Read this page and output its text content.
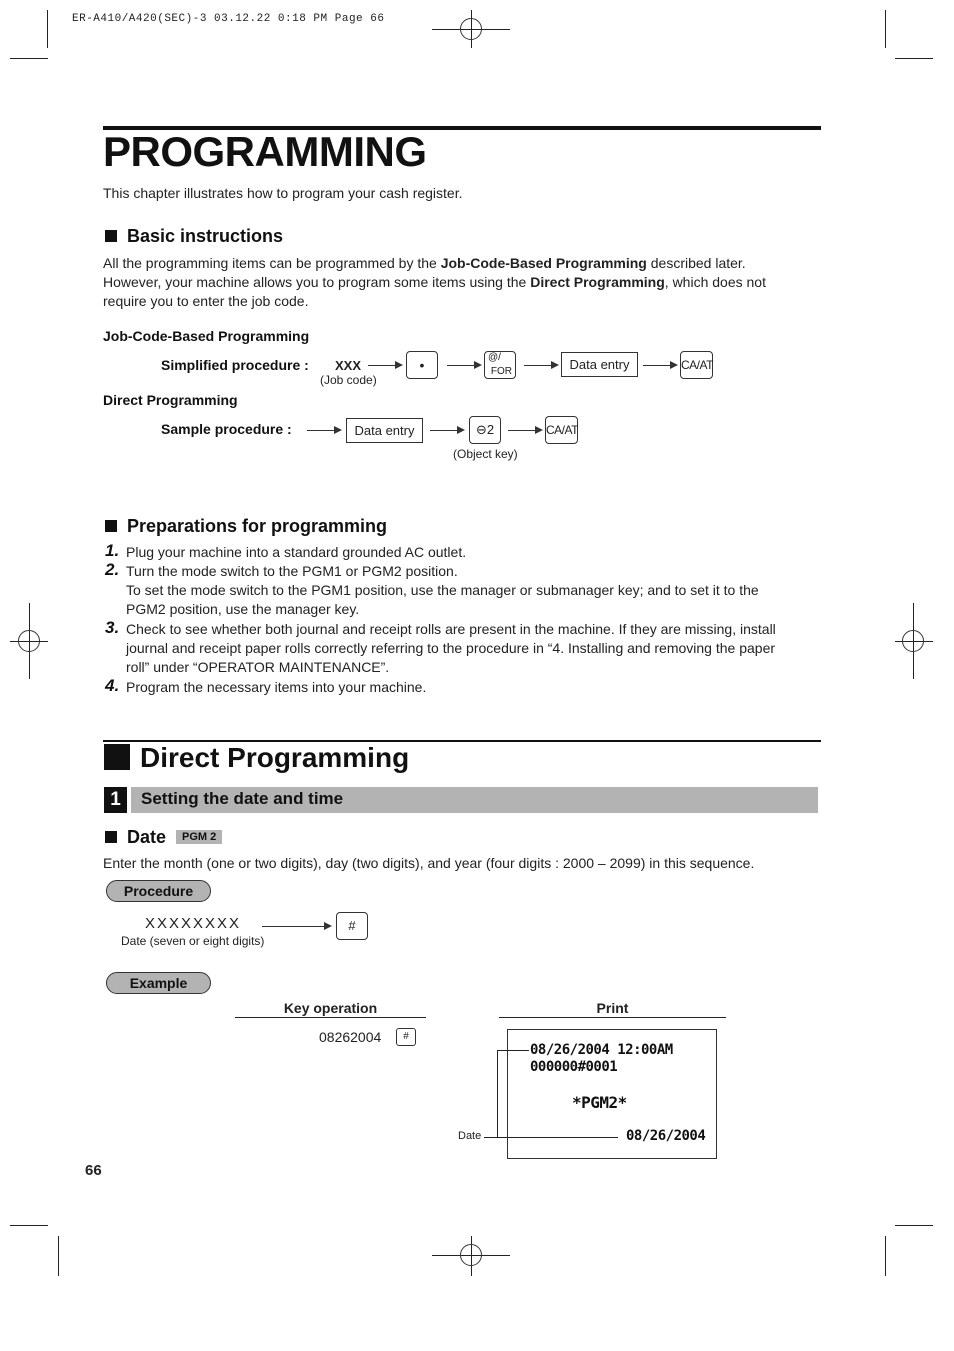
ER-A410/A420(SEC)-3 03.12.22 0:18 PM Page 66
PROGRAMMING
This chapter illustrates how to program your cash register.
Basic instructions
All the programming items can be programmed by the Job-Code-Based Programming described later.
However, your machine allows you to program some items using the Direct Programming, which does not
require you to enter the job code.
Job-Code-Based Programming
Simplified procedure : XXX
(Job code)
•	@/
FOR	Data entry	CA/AT
Direct Programming
Sample procedure :	Data entry	⊖2
(Object key)
CA/AT
Preparations for programming
1. Plug your machine into a standard grounded AC outlet.
2. Turn the mode switch to the PGM1 or PGM2 position.
To set the mode switch to the PGM1 position, use the manager or submanager key; and to set it to the
PGM2 position, use the manager key.
3. Check to see whether both journal and receipt rolls are present in the machine. If they are missing, install
journal and receipt paper rolls correctly referring to the procedure in “4. Installing and removing the paper
roll” under “OPERATOR MAINTENANCE”.
4. Program the necessary items into your machine.
Direct Programming
1	Setting the date and time
Date PGM 2
Enter the month (one or two digits), day (two digits), and year (four digits : 2000 – 2099) in this sequence.
Procedure
XXXXXXXX	#
Date (seven or eight digits)
Example
Key operation	Print
08262004	#
08/26/2004 12:00AM
000000#0001
*PGM2*
08/26/2004
Date
66
